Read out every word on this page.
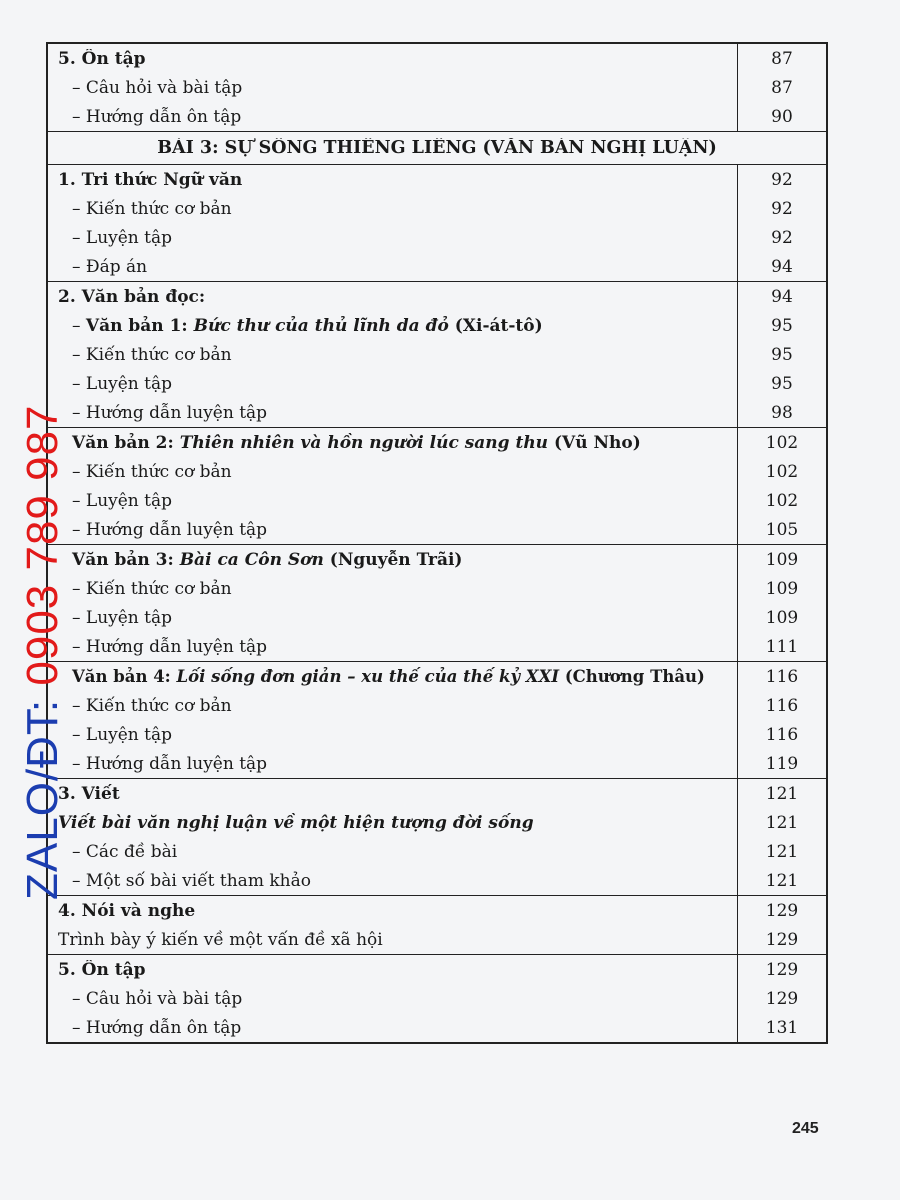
5. Ôn tập	87
– Câu hỏi và bài tập	87
– Hướng dẫn ôn tập	90
BÀI 3: SỰ SỐNG THIÊNG LIÊNG (VĂN BẢN NGHỊ LUẬN)
1. Tri thức Ngữ văn	92
– Kiến thức cơ bản	92
– Luyện tập	92
– Đáp án	94
2. Văn bản đọc:	94
– Văn bản 1: Bức thư của thủ lĩnh da đỏ (Xi-át-tô)	95
– Kiến thức cơ bản	95
– Luyện tập	95
– Hướng dẫn luyện tập	98
Văn bản 2: Thiên nhiên và hồn người lúc sang thu (Vũ Nho)	102
– Kiến thức cơ bản	102
– Luyện tập	102
– Hướng dẫn luyện tập	105
Văn bản 3: Bài ca Côn Sơn (Nguyễn Trãi)	109
– Kiến thức cơ bản	109
– Luyện tập	109
– Hướng dẫn luyện tập	111
Văn bản 4: Lối sống đơn giản – xu thế của thế kỷ XXI (Chương Thâu)	116
– Kiến thức cơ bản	116
– Luyện tập	116
– Hướng dẫn luyện tập	119
3. Viết	121
Viết bài văn nghị luận về một hiện tượng đời sống	121
– Các đề bài	121
– Một số bài viết tham khảo	121
4. Nói và nghe	129
Trình bày ý kiến về một vấn đề xã hội	129
5. Ôn tập	129
– Câu hỏi và bài tập	129
– Hướng dẫn ôn tập	131
245
ZALO/ĐT: 0903 789 987
